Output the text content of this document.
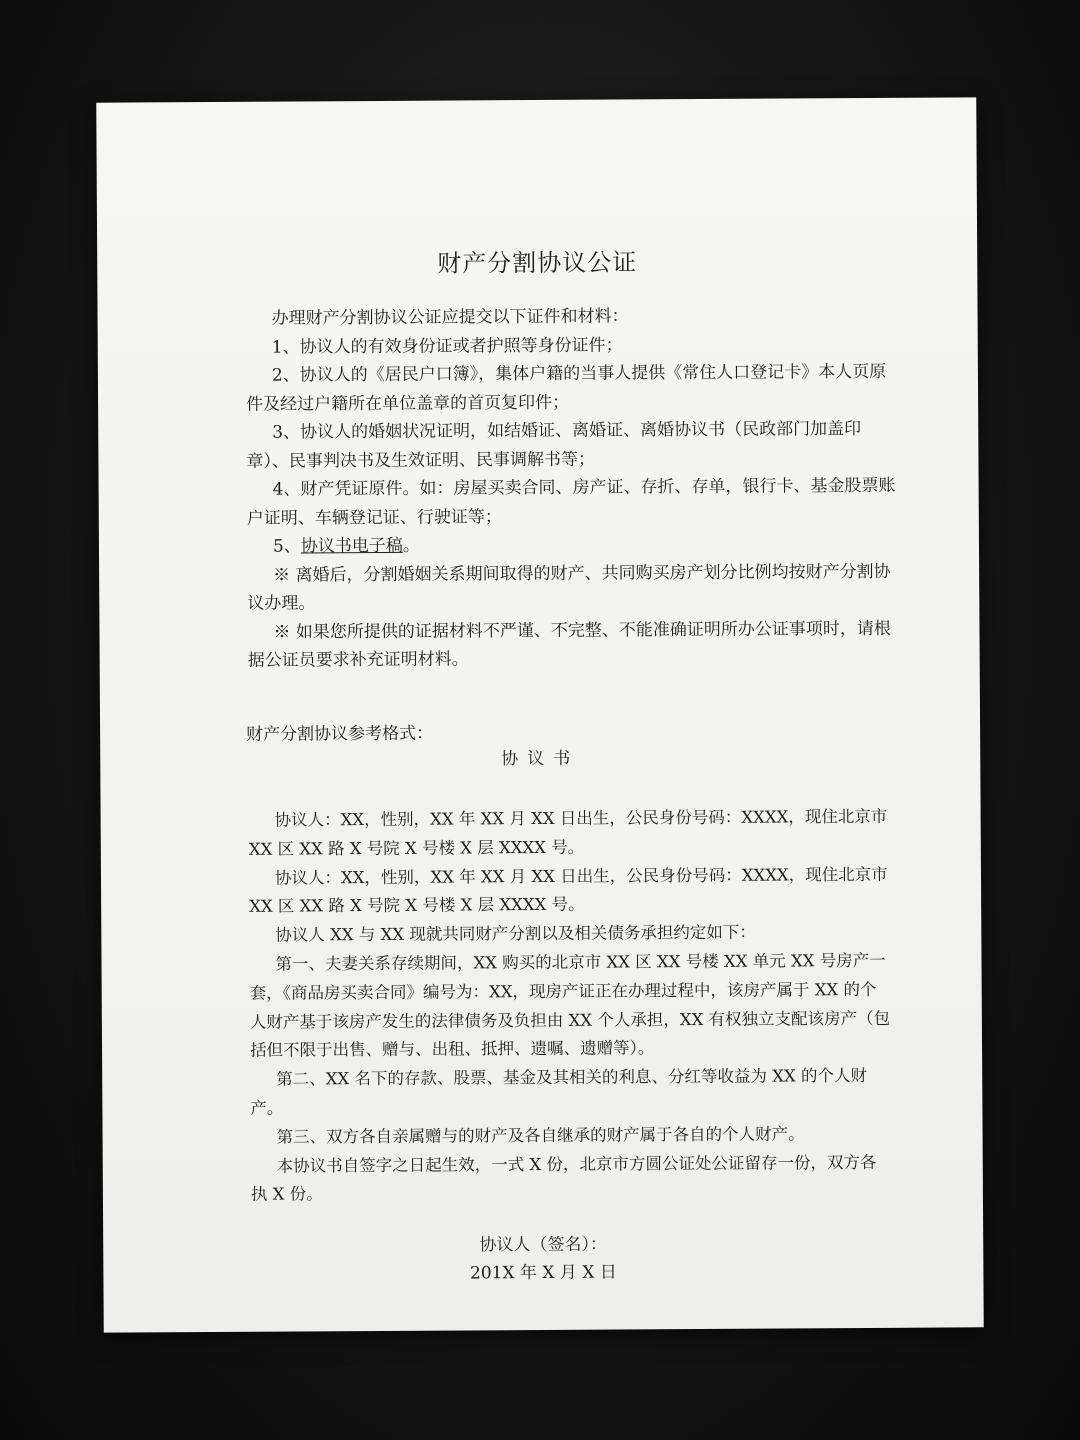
财产分割协议公证

办理财产分割协议公证应提交以下证件和材料：

1、协议人的有效身份证或者护照等身份证件；

2、协议人的《居民户口簿》，集体户籍的当事人提供《常住人口登记卡》本人页原件及经过户籍所在单位盖章的首页复印件；

3、协议人的婚姻状况证明，如结婚证、离婚证、离婚协议书（民政部门加盖印章）、民事判决书及生效证明、民事调解书等；

4、财产凭证原件。如：房屋买卖合同、房产证、存折、存单，银行卡、基金股票账户证明、车辆登记证、行驶证等；

5、协议书电子稿。

※ 离婚后，分割婚姻关系期间取得的财产、共同购买房产划分比例均按财产分割协议办理。

※ 如果您所提供的证据材料不严谨、不完整、不能准确证明所办公证事项时，请根据公证员要求补充证明材料。

财产分割协议参考格式：
协议书

协议人：XX，性别，XX 年 XX 月 XX 日出生，公民身份号码：XXXX，现住北京市 XX 区 XX 路 X 号院 X 号楼 X 层 XXXX 号。

协议人：XX，性别，XX 年 XX 月 XX 日出生，公民身份号码：XXXX，现住北京市 XX 区 XX 路 X 号院 X 号楼 X 层 XXXX 号。

协议人 XX 与 XX 现就共同财产分割以及相关债务承担约定如下：

第一、夫妻关系存续期间，XX 购买的北京市 XX 区 XX 号楼 XX 单元 XX 号房产一套，《商品房买卖合同》编号为：XX，现房产证正在办理过程中，该房产属于 XX 的个人财产基于该房产发生的法律债务及负担由 XX 个人承担，XX 有权独立支配该房产（包括但不限于出售、赠与、出租、抵押、遗嘱、遗赠等）。

第二、XX 名下的存款、股票、基金及其相关的利息、分红等收益为 XX 的个人财产。

第三、双方各自亲属赠与的财产及各自继承的财产属于各自的个人财产。

本协议书自签字之日起生效，一式 X 份，北京市方圆公证处公证留存一份，双方各执 X 份。

协议人（签名）：
201X 年 X 月 X 日
